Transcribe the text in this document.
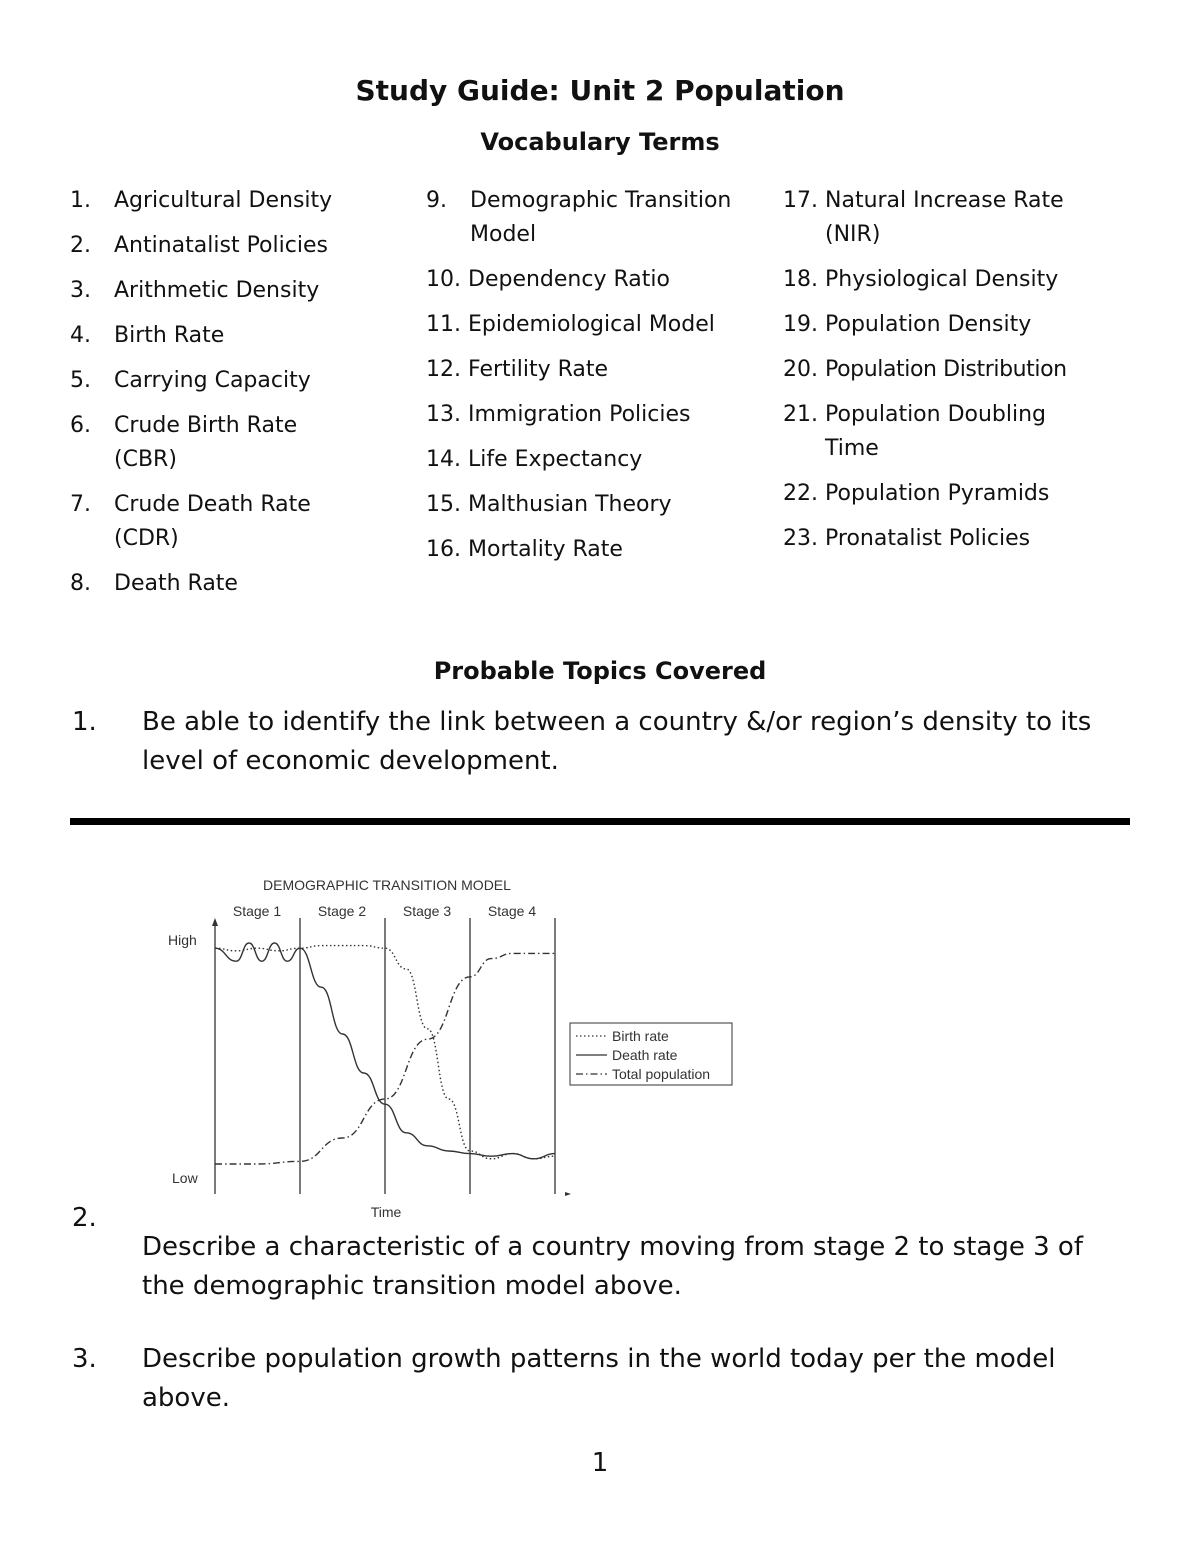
Study Guide: Unit 2 Population
Vocabulary Terms
1.	Agricultural Density
2.	Antinatalist Policies
3.	Arithmetic Density
4.	Birth Rate
5.	Carrying Capacity
6.	Crude Birth Rate (CBR)
7.	Crude Death Rate (CDR)
8.	Death Rate
9.	Demographic Transition Model
10. Dependency Ratio
11. Epidemiological Model
12. Fertility Rate
13. Immigration Policies
14. Life Expectancy
15. Malthusian Theory
16. Mortality Rate
17. Natural Increase Rate (NIR)
18. Physiological Density
19. Population Density
20. Population Distribution
21. Population Doubling Time
22. Population Pyramids
23. Pronatalist Policies
Probable Topics Covered
1.	Be able to identify the link between a country &/or region’s density to its level of economic development.
DEMOGRAPHIC TRANSITION MODEL
Stage 1	Stage 2	Stage 3	Stage 4
High
Low
Time
Birth rate
Death rate
Total population
2.
Describe a characteristic of a country moving from stage 2 to stage 3 of the demographic transition model above.
3.	Describe population growth patterns in the world today per the model above.
1
